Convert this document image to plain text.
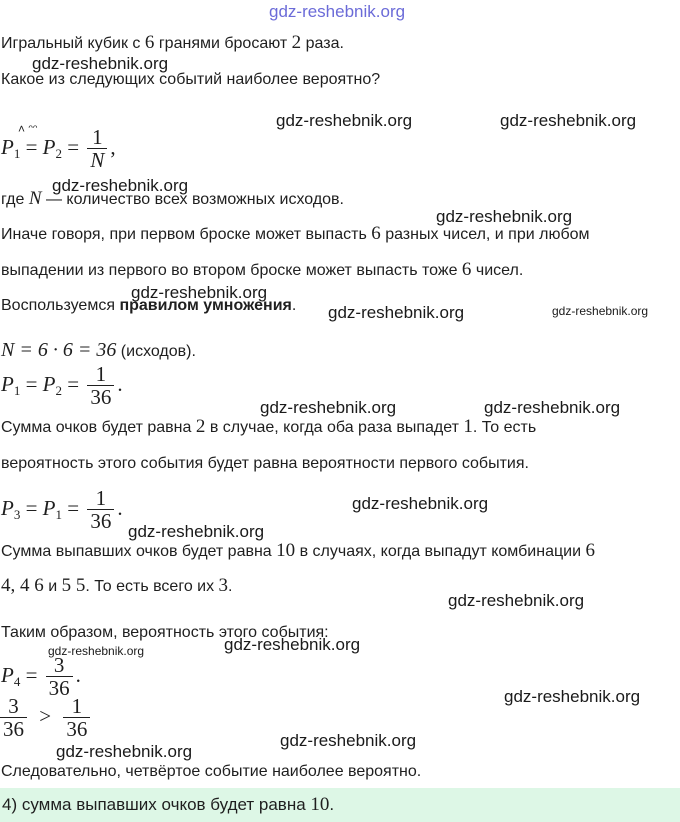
gdz-reshebnik.org
Игральный кубик с 6 гранями бросают 2 раза.
Какое из следующих событий наиболее вероятно?
˄ ᵔᵔ
$P_1 = P_2 = \frac{1}{N}$ ,
где N — количество всех возможных исходов.
Иначе говоря, при первом броске может выпасть 6 разных чисел, и при любом
выпадении из первого во втором броске может выпасть тоже 6 чисел.
Воспользуемся правилом умножения.
N = 6 · 6 = 36 (исходов).
$P_1 = P_2 = \frac{1}{36}$ .
Сумма очков будет равна 2 в случае, когда оба раза выпадет 1. То есть
вероятность этого события будет равна вероятности первого события.
$P_3 = P_1 = \frac{1}{36}$ .
Сумма выпавших очков будет равна 10 в случаях, когда выпадут комбинации 6
4, 4 6 и 5 5. То есть всего их 3.
Таким образом, вероятность этого события:
$P_4 = \frac{3}{36}$ .
$\frac{3}{36} > \frac{1}{36}$
Следовательно, четвёртое событие наиболее вероятно.
4) сумма выпавших очков будет равна 10.
gdz-reshebnik.org
gdz-reshebnik.org	gdz-reshebnik.org
gdz-reshebnik.org
gdz-reshebnik.org
gdz-reshebnik.org
gdz-reshebnik.org	gdz-reshebnik.org
gdz-reshebnik.org	gdz-reshebnik.org
gdz-reshebnik.org
gdz-reshebnik.org
gdz-reshebnik.org
gdz-reshebnik.org	gdz-reshebnik.org
gdz-reshebnik.org
gdz-reshebnik.org
gdz-reshebnik.org
